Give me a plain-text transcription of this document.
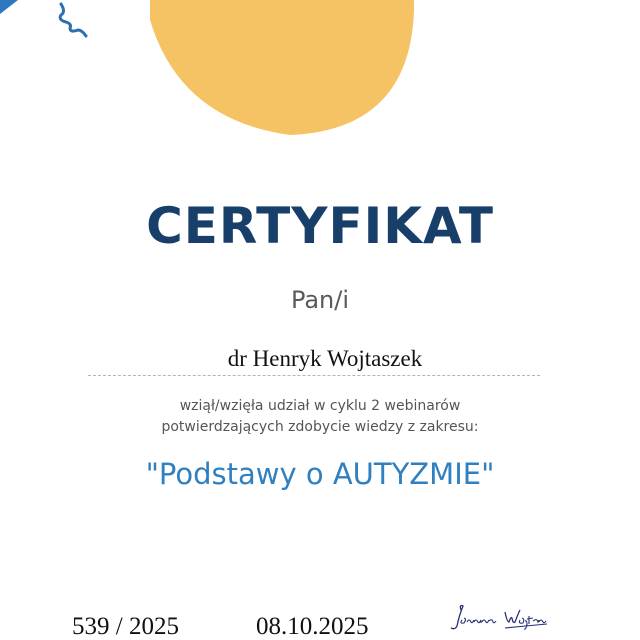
CERTYFIKAT
Pan/i
dr Henryk Wojtaszek
wziął/wzięła udział w cyklu 2 webinarów
potwierdzających zdobycie wiedzy z zakresu:
"Podstawy o AUTYZMIE"
539 / 2025	08.10.2025
